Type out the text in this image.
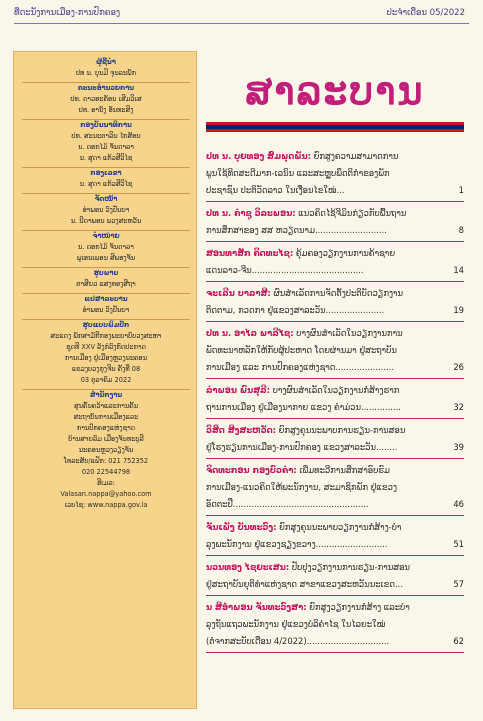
ທີ່ດະນັງການເມືອງ-ການປົກຄອງ	ປະຈໍາເດືອນ 05/2022
ຜູ້ຊີ້ນໍາ
ປທ ນ. ບຸນມີ ຈຸນລະພັກ
ຄະນະອໍານວຍການ
ປທ. ດາວອະຄັອນ ເສີມວິເສ
ປທ. ອານັງ ອັນທະສິງ
ກອງບັນນາທິການ
ປທ. ສະນະຕາລິນ ໄກສັອນ
ນ. ດອກໄມ້ ຈັນດາລາ
ນ. ສຸດາ ແກ້ວສີວິໄຊ
ກອງເລຂາ
ນ. ສຸດາ ແກ້ວສີວິໄຊ
ຈັດໜ້າ
ອໍາພອນ ວົງປັນຍາ
ນ. ນີດາພອນ ພວງສະຫວັນ
ຈໍາໜ່າຍ
ນ. ດອກໄມ້ ຈັນດາລາ
ພູເອນເພອນ ສີພອງຈັນ
ຮູບພາບ
ຕາສີຍວ ແສງທອງສີຖາ
ແປສາລະບານ
ອໍາພອນ ວົງປັນຍາ
ຮູບແບບພິມປັກ
ສະແດງ ພັກສາມັກີກອງພະຍາບົບວງສະຫາ
ຊຸດທີ XXV ລັງກໍລົງກົດປະກາດ
ການເມືອງ ຢູ່ເມືອງຫຼວງນະຄອນ
ແຂວງບວງກຸງຈີນ ຄັ້ງທີ່ 08
03 ຕຸລາຄົມ 2022
ສໍານັກງານ
ສູນຄົ້ນຄວ້າແລະການຄັ້ນ
ສະຖາບັນການເມືອງແລະ
ການປົກຄອງແຫ່ງຊາດ
ບ້ານສາຍລົມ ເມືອງຈັນທະບູລີ
ນະຄອນຫຼວງວຽງຈັນ
ໂທລະສັບ/ແຟັກ: 021 752352
020 22544798
ອີເມລ:
Valasan.nappa@yahoo.com
ເວບໄຊ: www.nappa.gov.la
ສາລະບານ
ປທ ນ. ບຸຍທອງ ສົມພຸດພັນ: ຍົກສູງຄວາມສາມາດການ
ພູນໃຊ້ທິດສະດີມາກ-ເລນິນ ແລະສະຫຼູບພຶດຕິກໍາຂອງພັກ
ປະຊາຊົນ ປະຕິວັດລາວ ໃນເງື່ອນໄຂໃໝ່...	1
ປທ ນ. ຄໍາຊູ ວິລະພອນ: ແນວຄິດໄຊ້ຈີມິນກ່ຽວກັບພື້ນຖານ
ການສຶກສາຂອງ ສສ ຫວຽດນາມ...........................	8
ສອນທາສັກ ຄິດທະໄຊ: ຄຸ້ມຄອງວຽກງານການຄ້າຊາຍ
ແດນລາວ-ຈີນ..........................................	14
ຈະເລີນ ບາລາສີ: ຜົນສໍາເລັດການຈັດຕັ້ງປະຕິບັດວຽກງານ
ຕິດຕາມ, ກວດກາ ຢູ່ແຂວງສາລະວັນ......................	19
ປທ ນ. ອາໄລ ພາລີໄຊ: ບາງຜົນສໍາເລັດໃນວຽກງານການ
ພັດທະນາຫລັກໃຫ້ກັບຜູ້ປະຫາດ ໂດຍຜ່ານມາ ຢູ່ສະຖາບັນ
ການເມືອງ ແລະ ການປົກຄອງແຫ່ງຊາດ......................	26
ລໍາພອນ ພົນສຸລີ: ບາງຜົນສໍາເລັດໃນວຽກງານກໍ່ສ້າງຮາກ
ຖານການເມືອງ ຢູ່ເມືອງນາກາຍ ແຂວງ ຄໍາມ່ວນ...............	32
ວິສິດ ສີງສະຫວັດ: ຍົກສູງຄຸນນະພາບການຮຽນ-ການສອນ
ຢູ່ໂຮງຮຽນການເມືອງ-ການປົກຄອງ ແຂວງສາລະວັນ........	39
ຈິດທະກອນ ກອງບົວຄໍາ: ເພີ່ມທະວີການສຶກສາອົບຮົມ
ການເມືອງ-ແນວຄິດໃຫ້ພະນັກງານ, ສະມາຊິກພັກ ຢູ່ແຂວງ
ອັດຕະປື...................................................	46
ຈັນເພັງ ບັນທະວົງ: ຍົກສູງຄຸນນະພາບວຽກງານກໍ່ສ້າງ-ບໍາ
ລຸງພະນັກງານ ຢູ່ແຂວງຊຽງຂວາງ...........................	51
ນວນທອງ ໄຊຍະເສນ: ປັບປຸງວຽກງານການຮຽນ-ການສອນ
ຢູ່ສະຖາບັນຍຸຕິທໍາແຫ່ງຊາດ ສາຂາແຂວງສະຫວັນນະເຂດ...	57
ນ ສີອໍາພອນ ຈັນທະວົງສາ: ຍົກສູງວຽກງານກໍ່ສ້າງ ແລະບໍາ
ລຸງຖັນແຖວພະນັກງານ ຢູ່ແຂວງບໍລິຄໍາໄຊ ໃນໄລຍະໃໝ່
(ຕໍ່ຈາກສະບັບເດືອນ 4/2022)...............................	62
